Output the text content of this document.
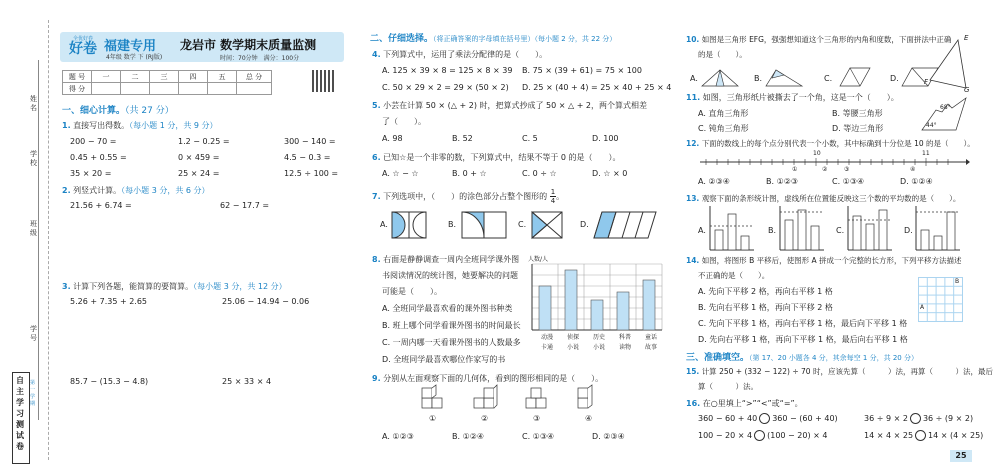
姓名
班级
学校
学号
自主学习测试卷
第一学期
全优好卷
好卷 福建专用
4年级 数学 下 (RJ版)
龙岩市 数学期末质量监测
时间：70分钟　满分：100分
题 号	一	二	三	四	五	总 分
得 分						
一、细心计算。（共 27 分）
1. 直接写出得数。（每小题 1 分，共 9 分）
200 − 70 =	1.2 − 0.25 =	300 − 140 =
0.45 + 0.55 =	0 × 459 =	4.5 − 0.3 =
35 × 20 =	25 × 24 =	12.5 ÷ 100 =
2. 列竖式计算。（每小题 3 分，共 6 分）
21.56 + 6.74 =	62 − 17.7 =
3. 计算下列各题，能简算的要简算。（每小题 3 分，共 12 分）
5.26 + 7.35 + 2.65	25.06 − 14.94 − 0.06
85.7 − (15.3 − 4.8)	25 × 33 × 4
二、仔细选择。（将正确答案的字母填在括号里）（每小题 2 分，共 22 分）
4. 下列算式中，运用了乘法分配律的是（　　）。
A. 125 × 39 × 8 = 125 × 8 × 39 B. 75 × (39 + 61) = 75 × 100
C. 50 × 29 × 2 = 29 × (50 × 2) D. 25 × (40 + 4) = 25 × 40 + 25 × 4
5. 小芸在计算 50 × (△ + 2) 时，把算式抄成了 50 × △ + 2，两个算式相差
了（　　）。
A. 98	B. 52	C. 5	D. 100
6. 已知☆是一个非零的数，下列算式中，结果不等于 0 的是（　　）。
A. ☆ − ☆	B. 0 + ☆	C. 0 ÷ ☆	D. ☆ × 0
7. 下列选项中，（　　）的涂色部分占整个图形的 $\frac{1}{4}$ 。
A.	B.	C.	D.
8. 右面是静静调查一周内全班同学课外图
书阅读情况的统计图，她要解决的问题
可能是（　　）。
A. 全班同学最喜欢看的课外图书种类
B. 班上哪个同学看课外图书的时间最长
C. 一周内哪一天看课外图书的人数最多
D. 全班同学最喜欢哪位作家写的书
人数/人
动漫 侦探 历史 科普 童话
卡通 小说 小说 读物 故事
9. 分别从左面观察下面的几何体，看到的图形相同的是（　　）。
①	②	③	④
A. ①②③	B. ①②④	C. ①③④	D. ②③④
10. 如图是三角形 EFG，强强想知道这个三角形的内角和度数，下面拼法中正确
的是（　　）。
A.	B.	C.	D.
E
F
G
11. 如图，三角形纸片被撕去了一个角，这是一个（　　）。
A. 直角三角形	B. 等腰三角形
C. 钝角三角形	D. 等边三角形
68°
44°
12. 下面的数线上的每个点分别代表一个小数，其中标确到十分位是 10 的是（　　）。
10	11
①	②	③	④
A. ②③④	B. ①②③	C. ①③④	D. ①②④
13. 观察下面的条形统计图，虚线所在位置能反映这三个数的平均数的是（　　）。
A.	B.	C.	D.
14. 如图，将图形 B 平移后，使图形 A 拼成一个完整的长方形，下列平移方法描述
不正确的是（　　）。
A. 先向下平移 2 格，再向右平移 1 格
B. 先向右平移 1 格，再向下平移 2 格
C. 先向下平移 1 格，再向右平移 1 格，最后向下平移 1 格
D. 先向右平移 1 格，再向下平移 1 格，最后向右平移 1 格
A
B
三、准确填空。（第 17、20 小题各 4 分，其余每空 1 分，共 20 分）
15. 计算 250 + (332 − 122) ÷ 70 时，应该先算（　　　）法，再算（　　　）法，最后
算（　　　）法。
16. 在○里填上“>”“<”或“=”。
360 − 60 + 40 360 − (60 + 40)	36 ÷ 9 × 2 36 ÷ (9 × 2)
100 − 20 × 4 (100 − 20) × 4	14 × 4 × 25 14 × (4 × 25)
25
